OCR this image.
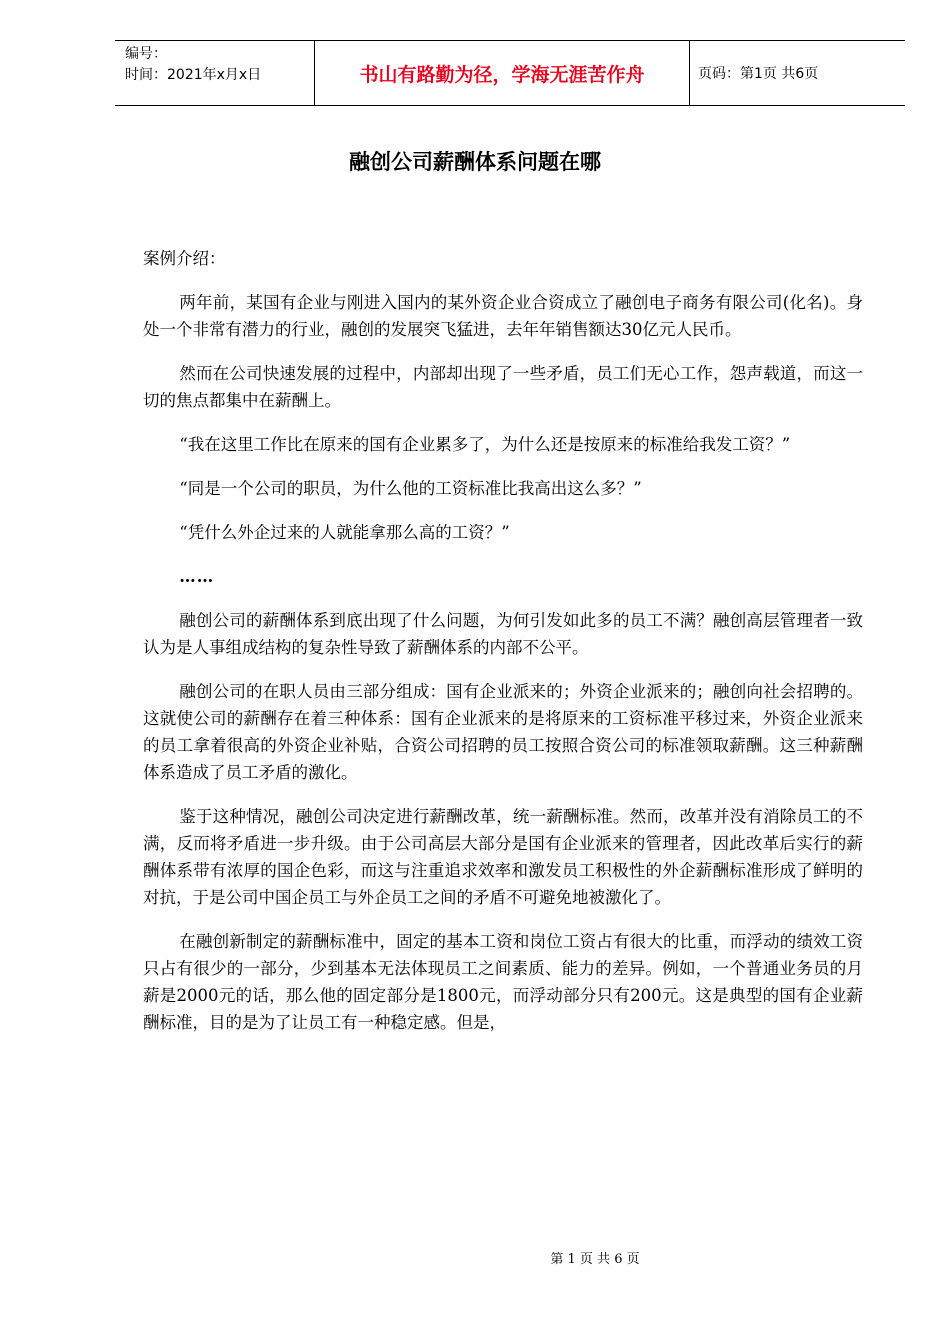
编号：
时间：2021年x月x日	书山有路勤为径，学海无涯苦作舟	页码：第1页 共6页
融创公司薪酬体系问题在哪

案例介绍：

两年前，某国有企业与刚进入国内的某外资企业合资成立了融创电子商务有限公司(化名)。身处一个非常有潜力的行业，融创的发展突飞猛进，去年年销售额达30亿元人民币。

然而在公司快速发展的过程中，内部却出现了一些矛盾，员工们无心工作，怨声载道，而这一切的焦点都集中在薪酬上。

“我在这里工作比在原来的国有企业累多了，为什么还是按原来的标准给我发工资？”

“同是一个公司的职员，为什么他的工资标准比我高出这么多？”

“凭什么外企过来的人就能拿那么高的工资？”

……

融创公司的薪酬体系到底出现了什么问题，为何引发如此多的员工不满？融创高层管理者一致认为是人事组成结构的复杂性导致了薪酬体系的内部不公平。

融创公司的在职人员由三部分组成：国有企业派来的；外资企业派来的；融创向社会招聘的。这就使公司的薪酬存在着三种体系：国有企业派来的是将原来的工资标准平移过来，外资企业派来的员工拿着很高的外资企业补贴，合资公司招聘的员工按照合资公司的标准领取薪酬。这三种薪酬体系造成了员工矛盾的激化。

鉴于这种情况，融创公司决定进行薪酬改革，统一薪酬标准。然而，改革并没有消除员工的不满，反而将矛盾进一步升级。由于公司高层大部分是国有企业派来的管理者，因此改革后实行的薪酬体系带有浓厚的国企色彩，而这与注重追求效率和激发员工积极性的外企薪酬标准形成了鲜明的对抗，于是公司中国企员工与外企员工之间的矛盾不可避免地被激化了。

在融创新制定的薪酬标准中，固定的基本工资和岗位工资占有很大的比重，而浮动的绩效工资只占有很少的一部分，少到基本无法体现员工之间素质、能力的差异。例如，一个普通业务员的月薪是2000元的话，那么他的固定部分是1800元，而浮动部分只有200元。这是典型的国有企业薪酬标准，目的是为了让员工有一种稳定感。但是，

第 1 页 共 6 页
